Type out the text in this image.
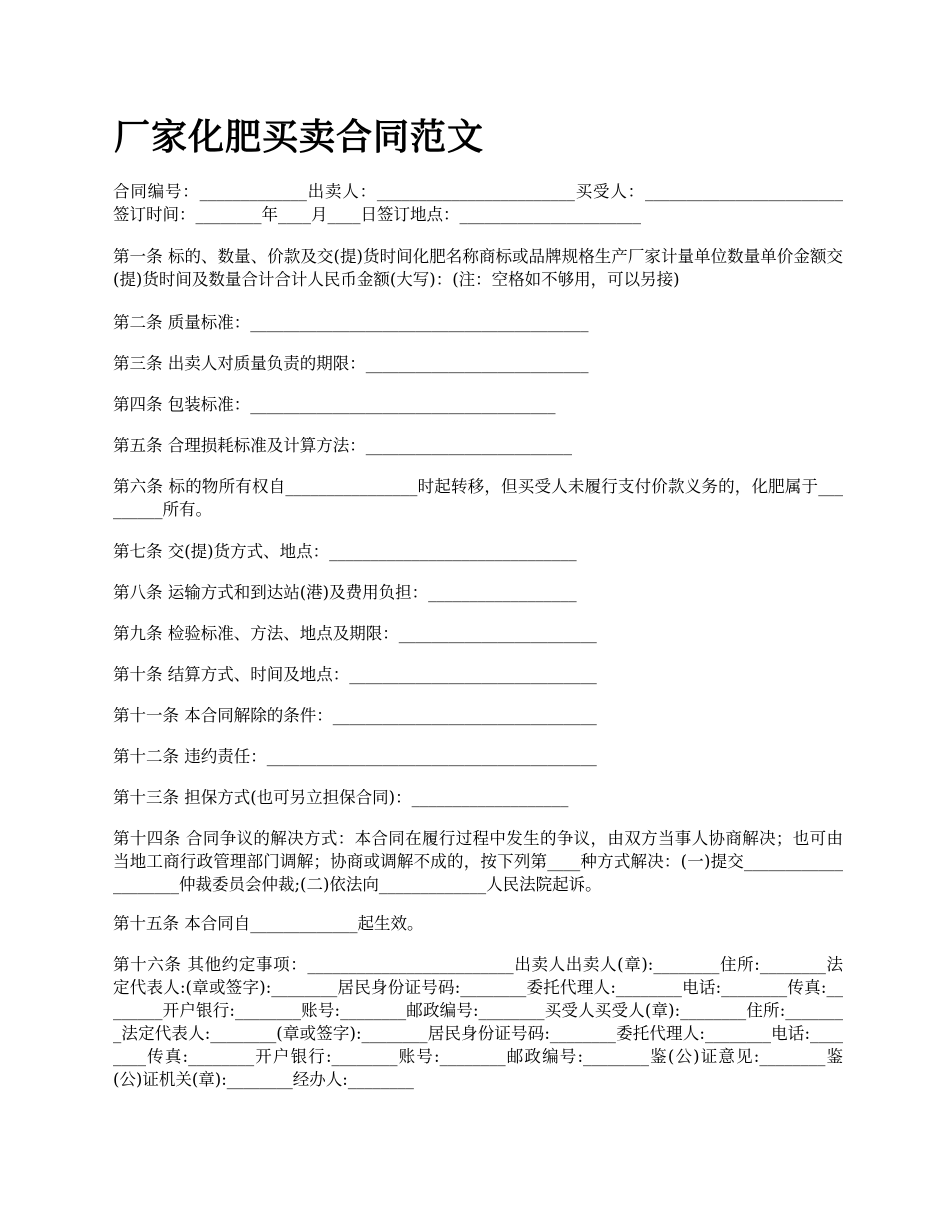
厂家化肥买卖合同范文
合同编号：_____________出卖人：________________________买受人：________________________签订时间：________年____月____日签订地点：______________________
第一条 标的、数量、价款及交(提)货时间化肥名称商标或品牌规格生产厂家计量单位数量单价金额交(提)货时间及数量合计合计人民币金额(大写)：(注：空格如不够用，可以另接)
第二条 质量标准：_________________________________________
第三条 出卖人对质量负责的期限：___________________________
第四条 包装标准：_____________________________________
第五条 合理损耗标准及计算方法：_________________________
第六条 标的物所有权自________________时起转移，但买受人未履行支付价款义务的，化肥属于_________所有。
第七条 交(提)货方式、地点：______________________________
第八条 运输方式和到达站(港)及费用负担：__________________
第九条 检验标准、方法、地点及期限：________________________
第十条 结算方式、时间及地点：______________________________
第十一条 本合同解除的条件：________________________________
第十二条 违约责任：________________________________________
第十三条 担保方式(也可另立担保合同)：___________________
第十四条 合同争议的解决方式：本合同在履行过程中发生的争议，由双方当事人协商解决；也可由当地工商行政管理部门调解；协商或调解不成的，按下列第____种方式解决：(一)提交____________________仲裁委员会仲裁;(二)依法向_____________人民法院起诉。
第十五条 本合同自_____________起生效。
第十六条 其他约定事项：_________________________出卖人出卖人(章):________住所:________法定代表人:(章或签字):________居民身份证号码:________委托代理人:________电话:________传真:________开户银行:________账号:________邮政编号:________买受人买受人(章):________住所:________法定代表人:________(章或签字):________居民身份证号码:________委托代理人:________电话:________传真:________开户银行:________账号:________邮政编号:________鉴(公)证意见:________鉴(公)证机关(章):________经办人:________
